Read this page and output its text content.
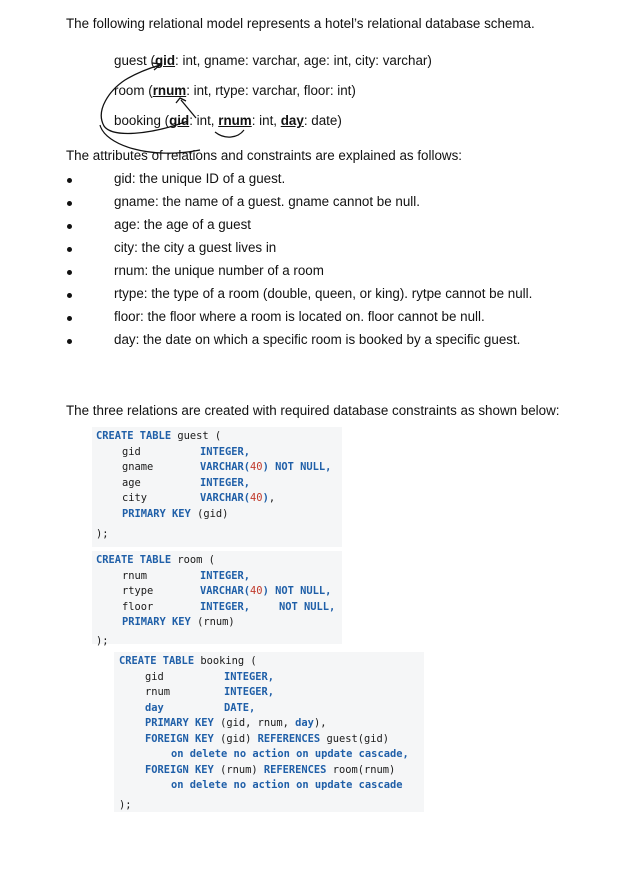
The following relational model represents a hotel’s relational database schema.
guest (gid: int, gname: varchar, age: int, city: varchar)
room (rnum: int, rtype: varchar, floor: int)
booking (gid: int, rnum: int, day: date)
The attributes of relations and constraints are explained as follows:
gid: the unique ID of a guest.
gname: the name of a guest. gname cannot be null.
age: the age of a guest
city: the city a guest lives in
rnum: the unique number of a room
rtype: the type of a room (double, queen, or king). rytpe cannot be null.
floor: the floor where a room is located on. floor cannot be null.
day: the date on which a specific room is booked by a specific guest.
The three relations are created with required database constraints as shown below:
CREATE TABLE guest (
gid	INTEGER,
gname	VARCHAR(40) NOT NULL,
age	INTEGER,
city	VARCHAR(40),
PRIMARY KEY (gid)
);
CREATE TABLE room (
rnum	INTEGER,
rtype	VARCHAR(40) NOT NULL,
floor	INTEGER,	NOT NULL,
PRIMARY KEY (rnum)
);
CREATE TABLE booking (
gid	INTEGER,
rnum	INTEGER,
day	DATE,
PRIMARY KEY (gid, rnum, day),
FOREIGN KEY (gid) REFERENCES guest(gid)
on delete no action on update cascade,
FOREIGN KEY (rnum) REFERENCES room(rnum)
on delete no action on update cascade
);
